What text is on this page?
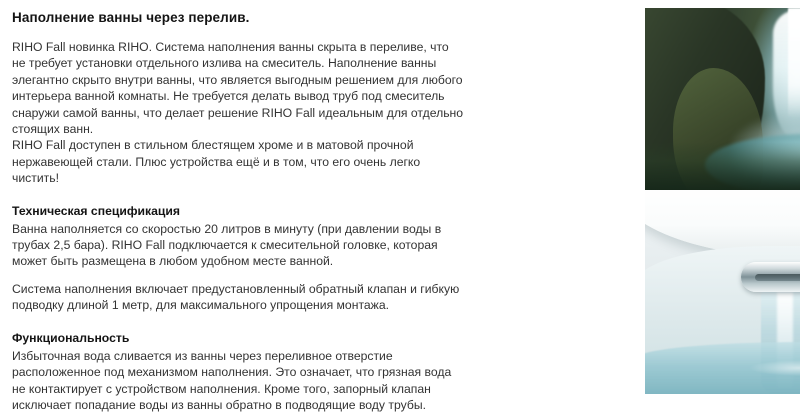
Наполнение ванны через перелив.

RIHO Fall новинка RIHO. Система наполнения ванны скрыта в переливе, что не требует установки отдельного излива на смеситель. Наполнение ванны элегантно скрыто внутри ванны, что является выгодным решением для любого интерьера ванной комнаты. Не требуется делать вывод труб под смеситель снаружи самой ванны, что делает решение RIHO Fall идеальным для отдельно стоящих ванн.

RIHO Fall доступен в стильном блестящем хроме и в матовой прочной нержавеющей стали. Плюс устройства ещё и в том, что его очень легко чистить!

Техническая спецификация

Ванна наполняется со скоростью 20 литров в минуту (при давлении воды в трубах 2,5 бара). RIHO Fall подключается к смесительной головке, которая может быть размещена в любом удобном месте ванной.

Система наполнения включает предустановленный обратный клапан и гибкую подводку длиной 1 метр, для максимального упрощения монтажа.

Функциональность

Избыточная вода сливается из ванны через переливное отверстие расположенное под механизмом наполнения. Это означает, что грязная вода не контактирует с устройством наполнения. Кроме того, запорный клапан исключает попадание воды из ванны обратно в подводящие воду трубы.
